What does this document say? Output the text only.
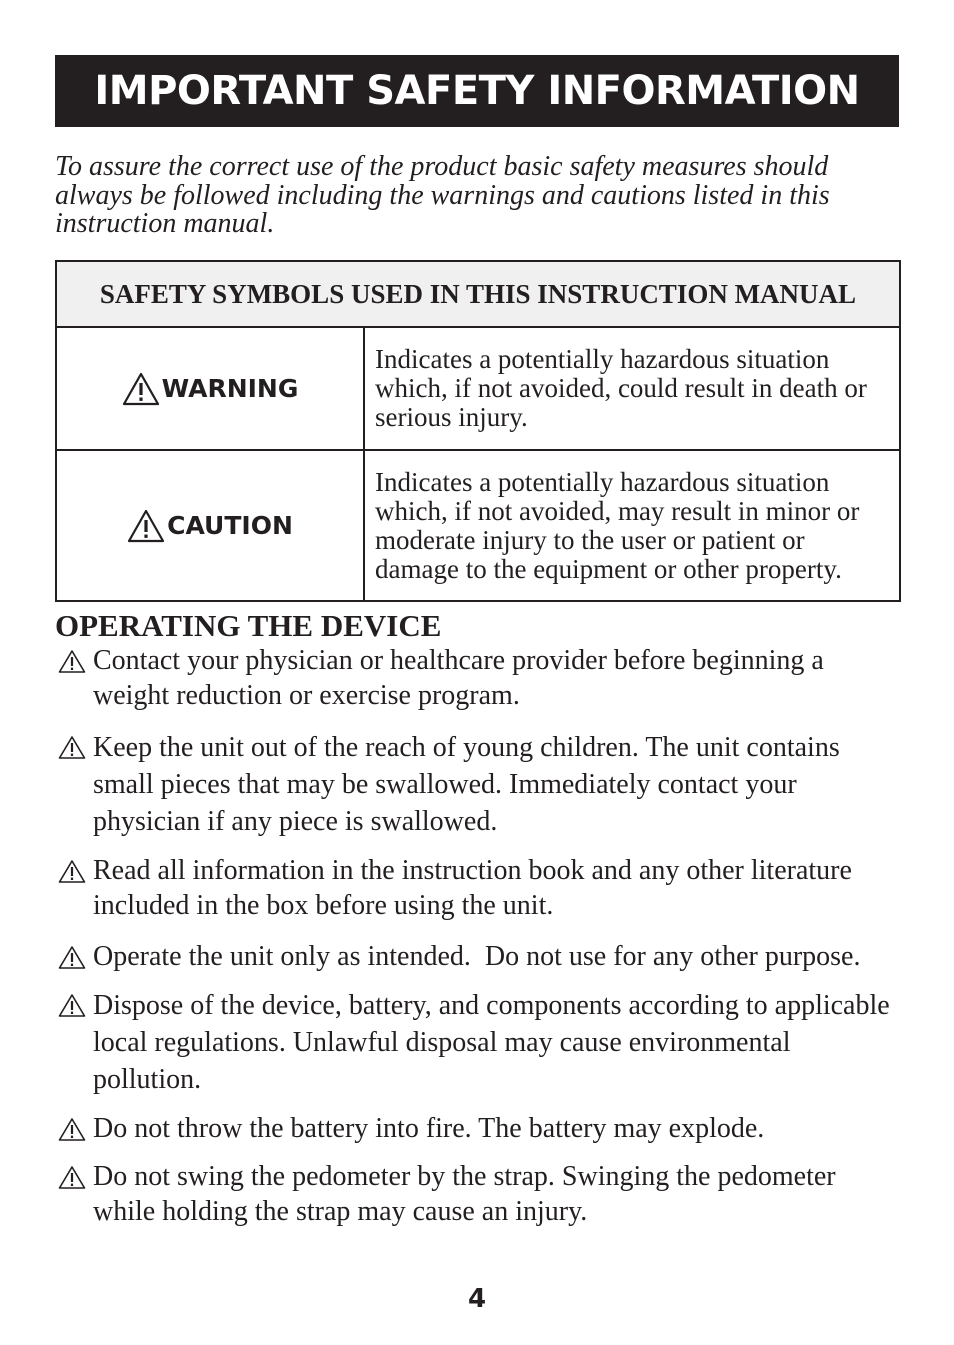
IMPORTANT SAFETY INFORMATION
To assure the correct use of the product basic safety measures should always be followed including the warnings and cautions listed in this instruction manual.
SAFETY SYMBOLS USED IN THIS INSTRUCTION MANUAL
WARNING
Indicates a potentially hazardous situation which, if not avoided, could result in death or serious injury.
CAUTION
Indicates a potentially hazardous situation which, if not avoided, may result in minor or moderate injury to the user or patient or damage to the equipment or other property.
OPERATING THE DEVICE
Contact your physician or healthcare provider before beginning a weight reduction or exercise program.
Keep the unit out of the reach of young children. The unit contains small pieces that may be swallowed. Immediately contact your physician if any piece is swallowed.
Read all information in the instruction book and any other literature included in the box before using the unit.
Operate the unit only as intended.  Do not use for any other purpose.
Dispose of the device, battery, and components according to applicable local regulations. Unlawful disposal may cause environmental pollution.
Do not throw the battery into fire. The battery may explode.
Do not swing the pedometer by the strap. Swinging the pedometer while holding the strap may cause an injury.
4
